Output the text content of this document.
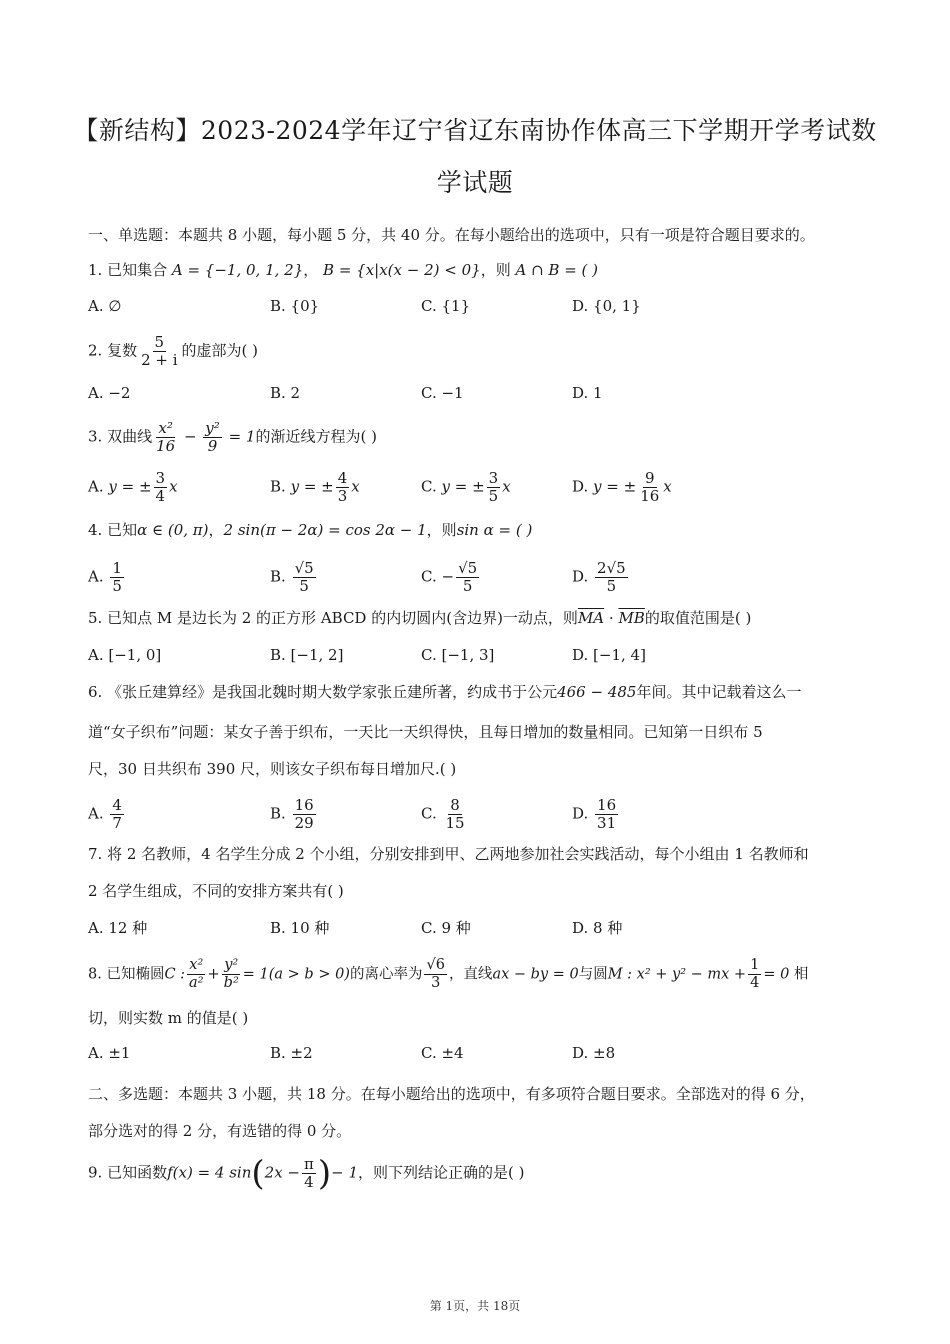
【新结构】2023-2024学年辽宁省辽东南协作体高三下学期开学考试数
学试题
一、单选题：本题共 8 小题，每小题 5 分，共 40 分。在每小题给出的选项中，只有一项是符合题目要求的。
1. 已知集合 A = {−1, 0, 1, 2}， B = {x|x(x − 2) < 0}，则 A ∩ B = ( )
A. ∅	B. {0}	C. {1}	D. {0, 1}
2. 复数 $\frac{5}{2 + i}$ 的虚部为( )
A. −2	B. 2	C. −1	D. 1
3. 双曲线 $\frac{\text{x²}}{16} - \frac{\text{y²}}{9} = 1$的渐近线方程为( )
A. y = ± $\frac{3}{4}$ x	B. y = ± $\frac{4}{3}$ x	C. y = ± $\frac{3}{5}$ x	D. y = ± $\frac{9}{16}$ x
4. 已知α ∈ (0, π)，2 sin(π − 2α) = cos 2α − 1，则sin α = ( )
A. $\frac{1}{5}$	B. $\frac{√5}{5}$	C. − $\frac{√5}{5}$	D. $\frac{2√5}{5}$
5. 已知点 M 是边长为 2 的正方形 ABCD 的内切圆内(含边界)一动点，则$\overline{MA} \cdot \overline{MB}$的取值范围是( )
A. [−1, 0]	B. [−1, 2]	C. [−1, 3]	D. [−1, 4]
6. 《张丘建算经》是我国北魏时期大数学家张丘建所著，约成书于公元466 − 485年间。其中记载着这么一
道“女子织布”问题：某女子善于织布，一天比一天织得快，且每日增加的数量相同。已知第一日织布 5
尺，30 日共织布 390 尺，则该女子织布每日增加尺.( )
A. $\frac{4}{7}$	B. $\frac{16}{29}$	C. $\frac{8}{15}$	D. $\frac{16}{31}$
7. 将 2 名教师，4 名学生分成 2 个小组，分别安排到甲、乙两地参加社会实践活动，每个小组由 1 名教师和
2 名学生组成，不同的安排方案共有( )
A. 12 种	B. 10 种	C. 9 种	D. 8 种
8. 已知椭圆C : $\frac{\text{x²}}{\text{a²}} + \frac{\text{y²}}{\text{b²}} = 1(a > b > 0)$的离心率为 $\frac{√6}{3}$ ，直线ax − by = 0与圆M : x² + y² − mx + $\frac{1}{4} = 0$ 相
切，则实数 m 的值是( )
A. ±1	B. ±2	C. ±4	D. ±8
二、多选题：本题共 3 小题，共 18 分。在每小题给出的选项中，有多项符合题目要求。全部选对的得 6 分，
部分选对的得 2 分，有选错的得 0 分。
9. 已知函数f(x) = 4 $\sin(2x - \frac{\pi}{4}$ )− 1，则下列结论正确的是( )
第 1页，共 18页
